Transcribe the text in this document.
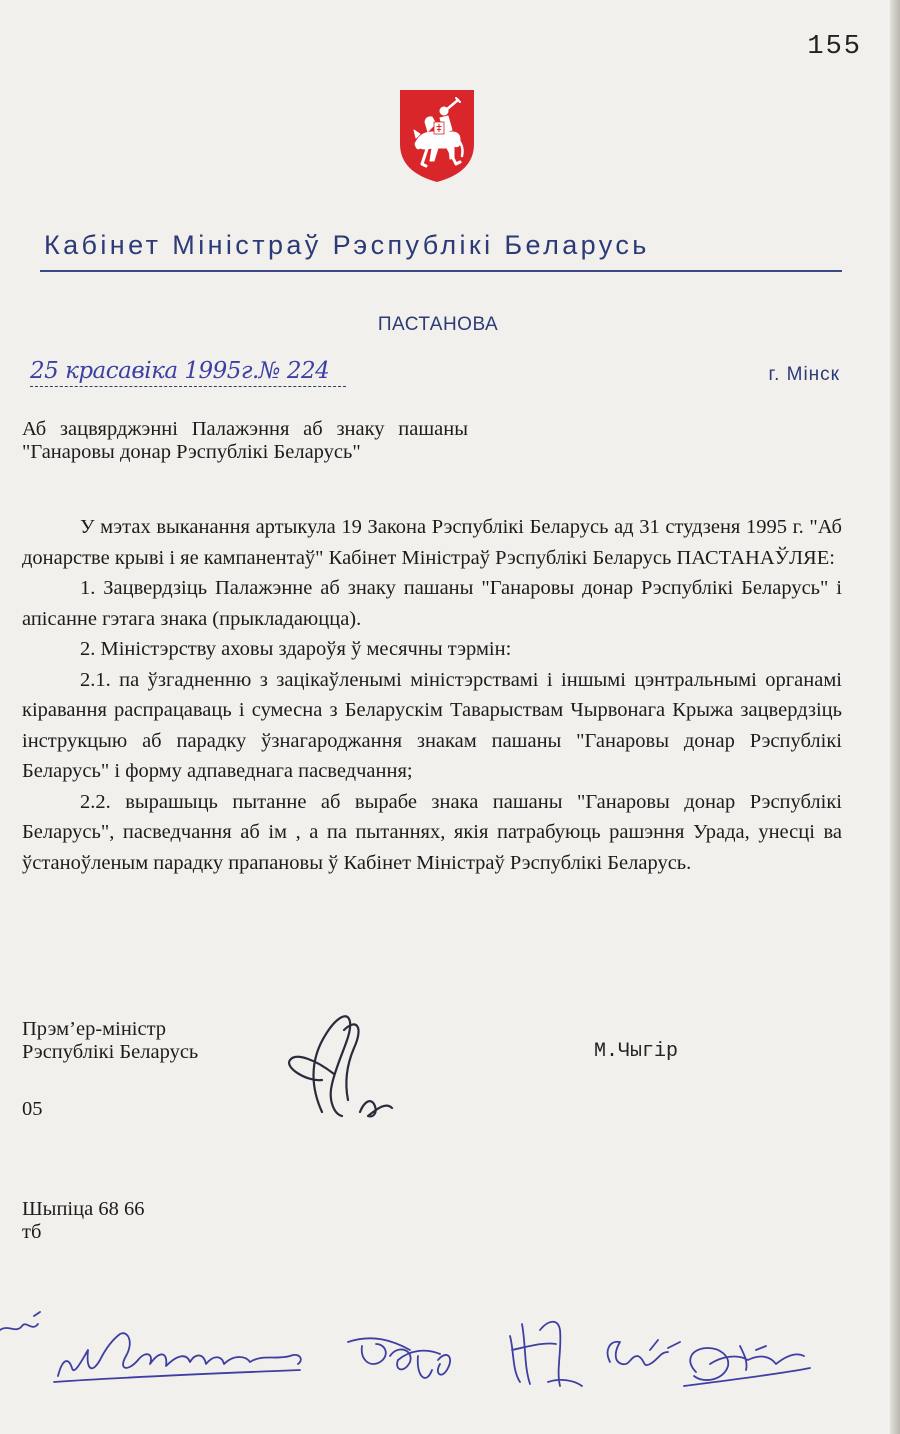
155
Кабінет Міністраў Рэспублікі Беларусь
ПАСТАНОВА
25 красавіка 1995г.№ 224	г. Мінск
Аб зацвярджэнні Палажэння аб знаку пашаны "Ганаровы донар Рэспублікі Беларусь"

У мэтах выканання артыкула 19 Закона Рэспублікі Беларусь ад 31 студзеня 1995 г. "Аб донарстве крыві і яе кампанентаў" Кабінет Міністраў Рэспублікі Беларусь ПАСТАНАЎЛЯЕ:

1. Зацвердзіць Палажэнне аб знаку пашаны "Ганаровы донар Рэспублікі Беларусь" і апісанне гэтага знака (прыкладаюцца).

2. Міністэрству аховы здароўя ў месячны тэрмін:

2.1. па ўзгадненню з зацікаўленымі міністэрствамі і іншымі цэнтральнымі органамі кіравання распрацаваць і сумесна з Беларускім Таварыствам Чырвонага Крыжа зацвердзіць інструкцыю аб парадку ўзнагароджання знакам пашаны "Ганаровы донар Рэспублікі Беларусь" і форму адпаведнага пасведчання;

2.2. вырашыць пытанне аб вырабе знака пашаны "Ганаровы донар Рэспублікі Беларусь", пасведчання аб ім , а па пытаннях, якія патрабуюць рашэння Урада, унесці ва ўстаноўленым парадку прапановы ў Кабінет Міністраў Рэспублікі Беларусь.

Прэм’ер-міністр
Рэспублікі Беларусь	М.Чыгір
05
Шыпіца 68 66
тб
